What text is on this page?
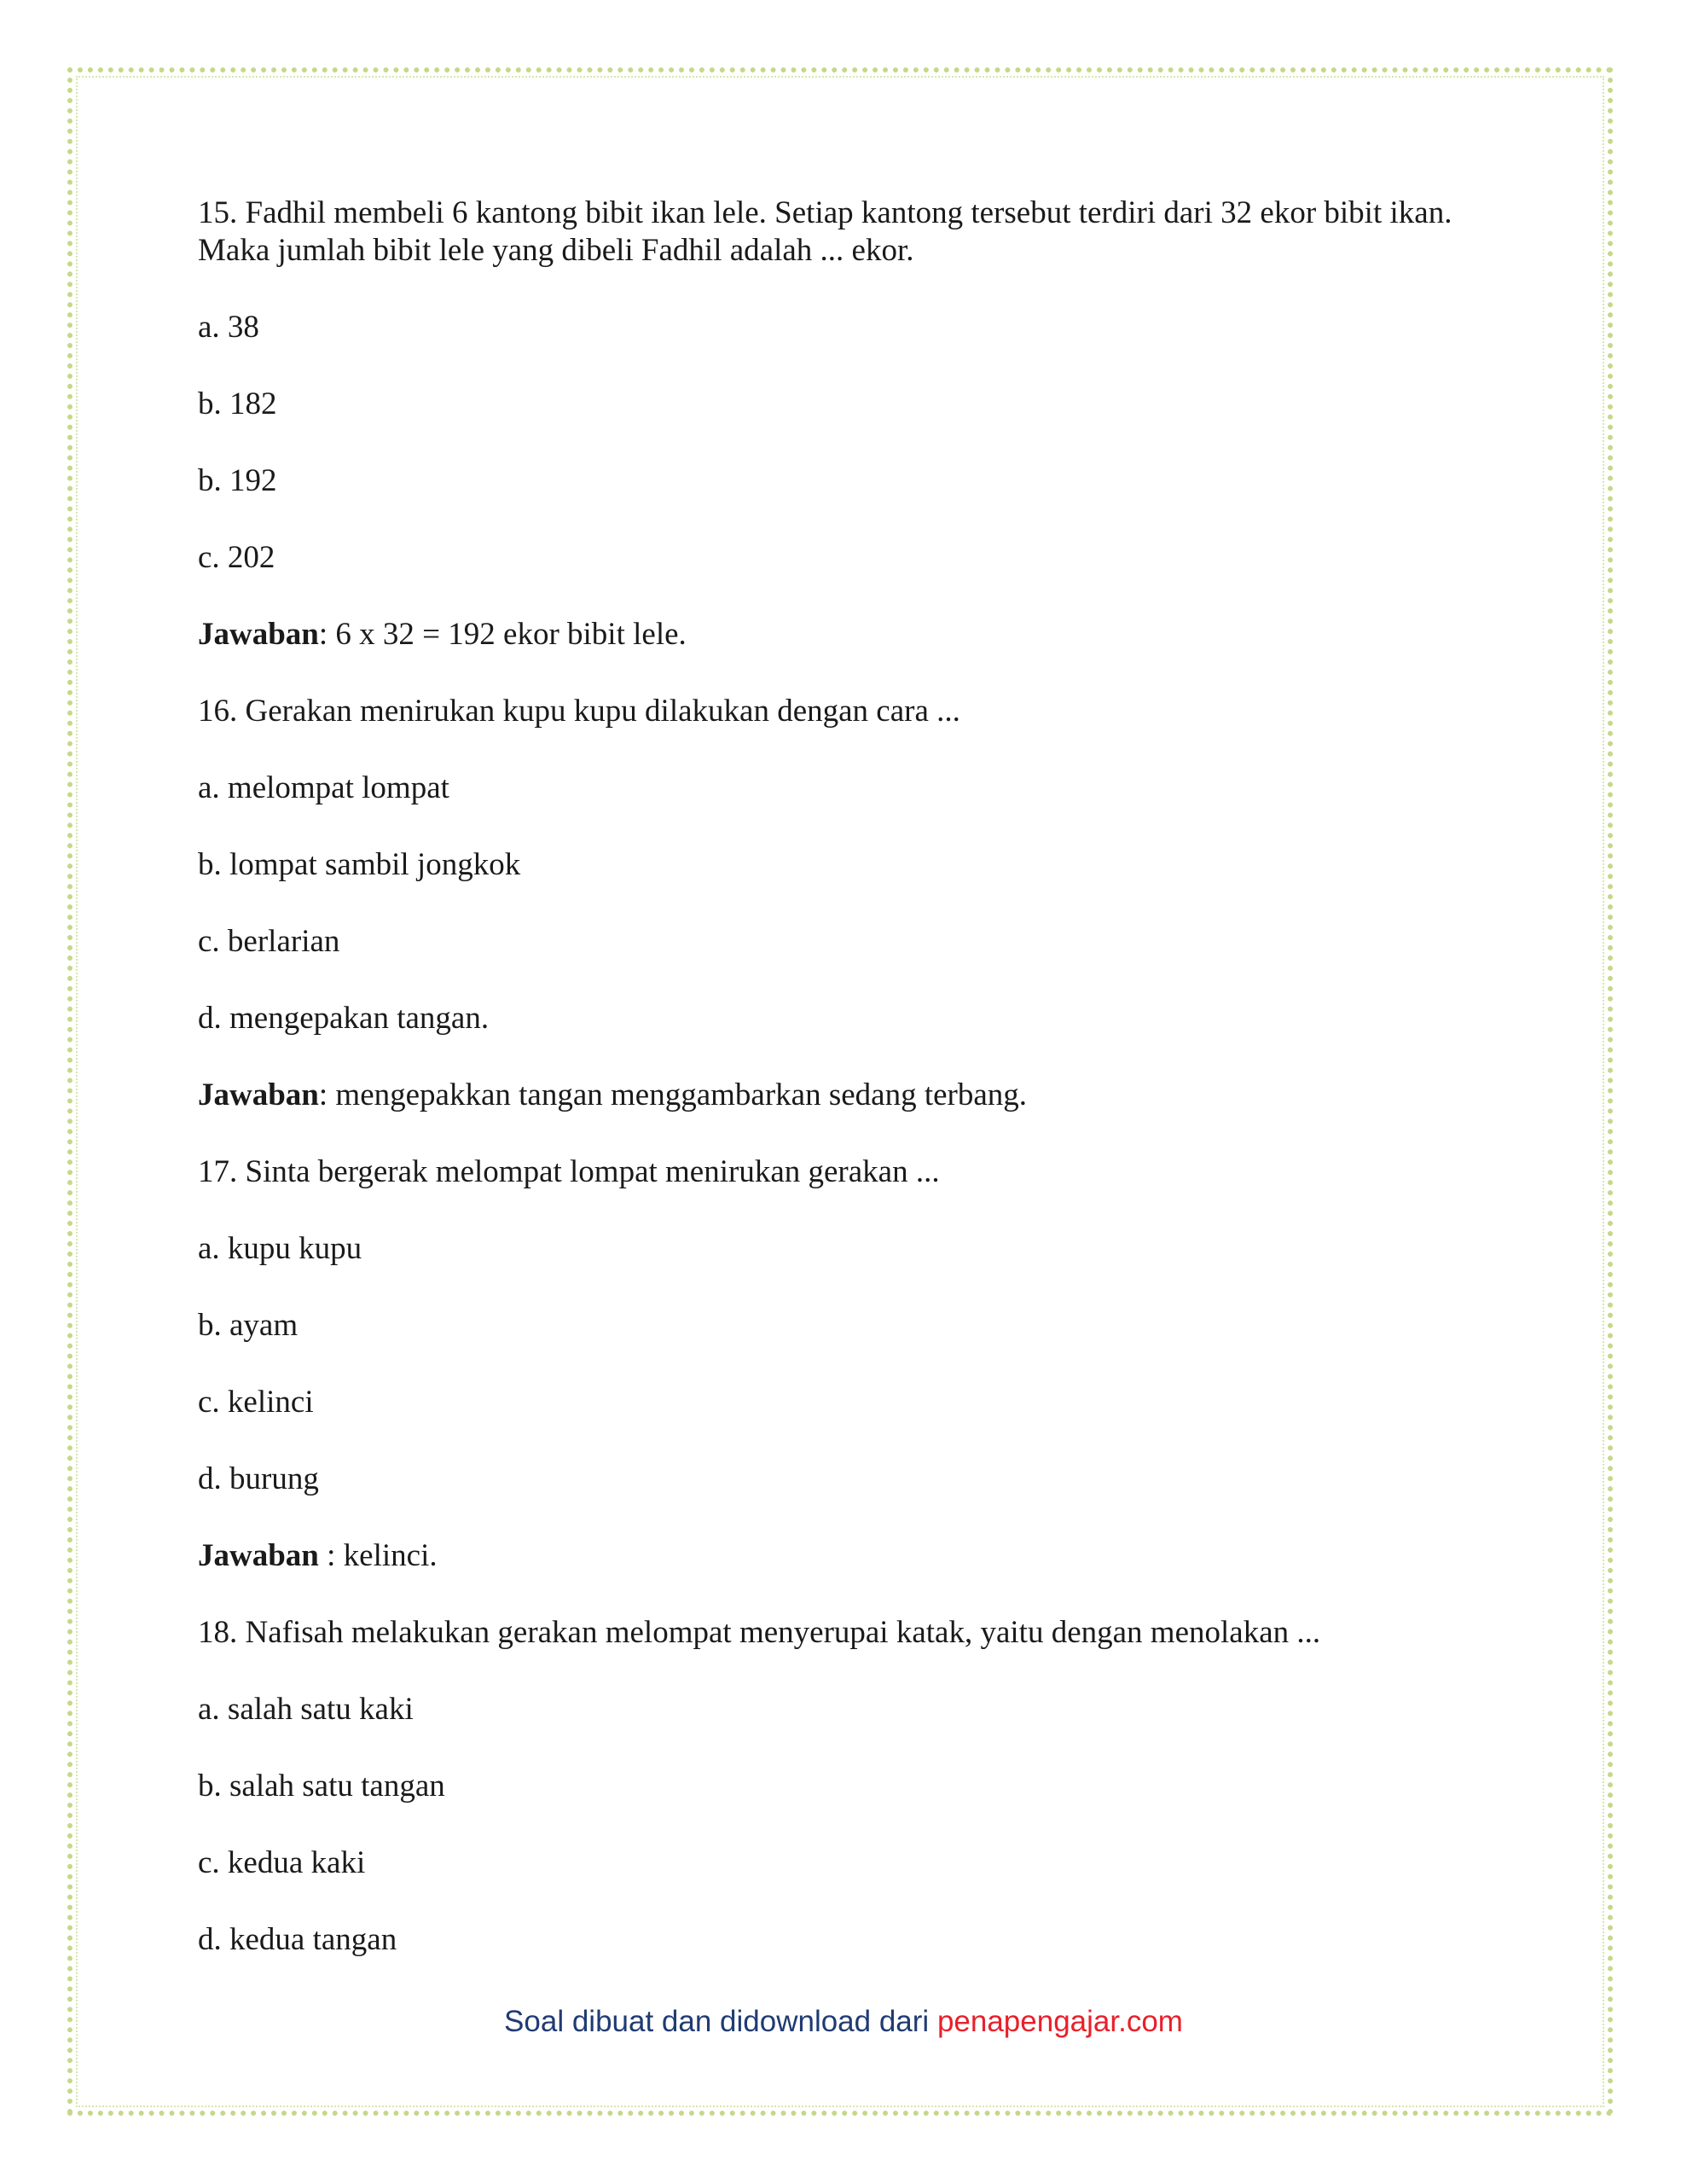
15. Fadhil membeli 6 kantong bibit ikan lele. Setiap kantong tersebut terdiri dari 32 ekor bibit ikan.

Maka jumlah bibit lele yang dibeli Fadhil adalah ... ekor.

a. 38

b. 182

b. 192

c. 202

Jawaban: 6 x 32 = 192 ekor bibit lele.

16. Gerakan menirukan kupu kupu dilakukan dengan cara ...

a. melompat lompat

b. lompat sambil jongkok

c. berlarian

d. mengepakan tangan.

Jawaban: mengepakkan tangan menggambarkan sedang terbang.

17. Sinta bergerak melompat lompat menirukan gerakan ...

a. kupu kupu

b. ayam

c. kelinci

d. burung

Jawaban : kelinci.

18. Nafisah melakukan gerakan melompat menyerupai katak, yaitu dengan menolakan ...

a. salah satu kaki

b. salah satu tangan

c. kedua kaki

d. kedua tangan

Soal dibuat dan didownload dari penapengajar.com
